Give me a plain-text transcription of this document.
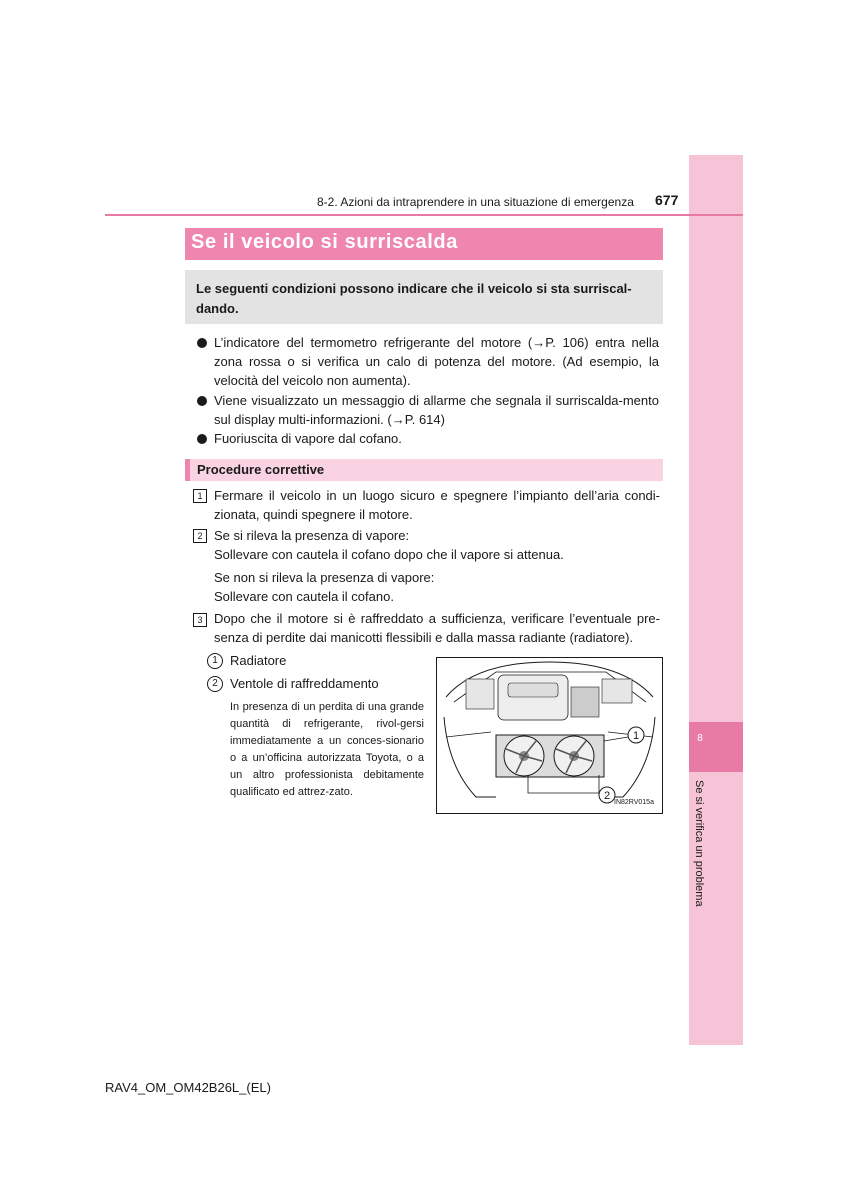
8
Se si verifica un problema
8-2. Azioni da intraprendere in una situazione di emergenza 677
Se il veicolo si surriscalda
Le seguenti condizioni possono indicare che il veicolo si sta surriscal-dando.
L’indicatore del termometro refrigerante del motore (→P. 106) entra nella zona rossa o si verifica un calo di potenza del motore. (Ad esempio, la velocità del veicolo non aumenta).
Viene visualizzato un messaggio di allarme che segnala il surriscalda-mento sul display multi-informazioni. (→P. 614)
Fuoriuscita di vapore dal cofano.
Procedure correttive
1 Fermare il veicolo in un luogo sicuro e spegnere l’impianto dell’aria condi-zionata, quindi spegnere il motore.
2 Se si rileva la presenza di vapore:
Sollevare con cautela il cofano dopo che il vapore si attenua.
Se non si rileva la presenza di vapore:
Sollevare con cautela il cofano.
3 Dopo che il motore si è raffreddato a sufficienza, verificare l’eventuale pre-senza di perdite dai manicotti flessibili e dalla massa radiante (radiatore).
1 Radiatore
2 Ventole di raffreddamento
In presenza di un perdita di una grande quantità di refrigerante, rivol-gersi immediatamente a un conces-sionario o a un’officina autorizzata Toyota, o a un altro professionista debitamente qualificato ed attrez-zato.
1
2
IN82RV015a
RAV4_OM_OM42B26L_(EL)
